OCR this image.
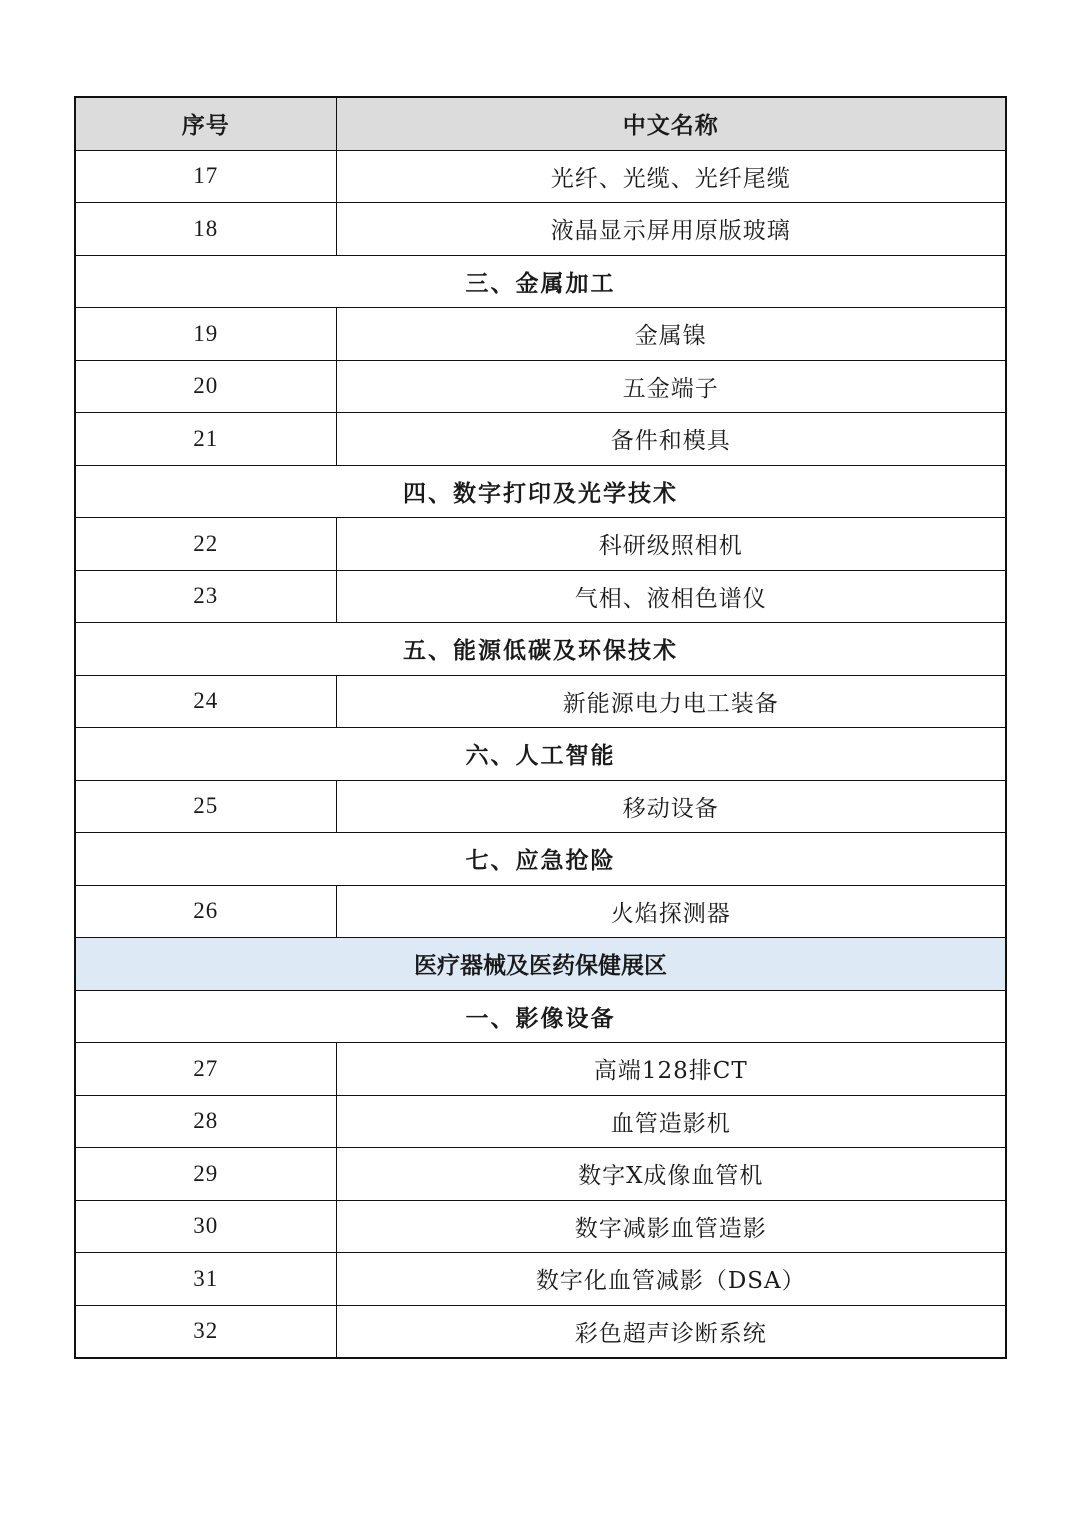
序号	中文名称
17	光纤、光缆、光纤尾缆
18	液晶显示屏用原版玻璃
三、金属加工	
19	金属镍
20	五金端子
21	备件和模具
四、数字打印及光学技术	
22	科研级照相机
23	气相、液相色谱仪
五、能源低碳及环保技术	
24	新能源电力电工装备
六、人工智能	
25	移动设备
七、应急抢险	
26	火焰探测器
医疗器械及医药保健展区	
一、影像设备	
27	高端128排CT
28	血管造影机
29	数字X成像血管机
30	数字减影血管造影
31	数字化血管减影（DSA）
32	彩色超声诊断系统
